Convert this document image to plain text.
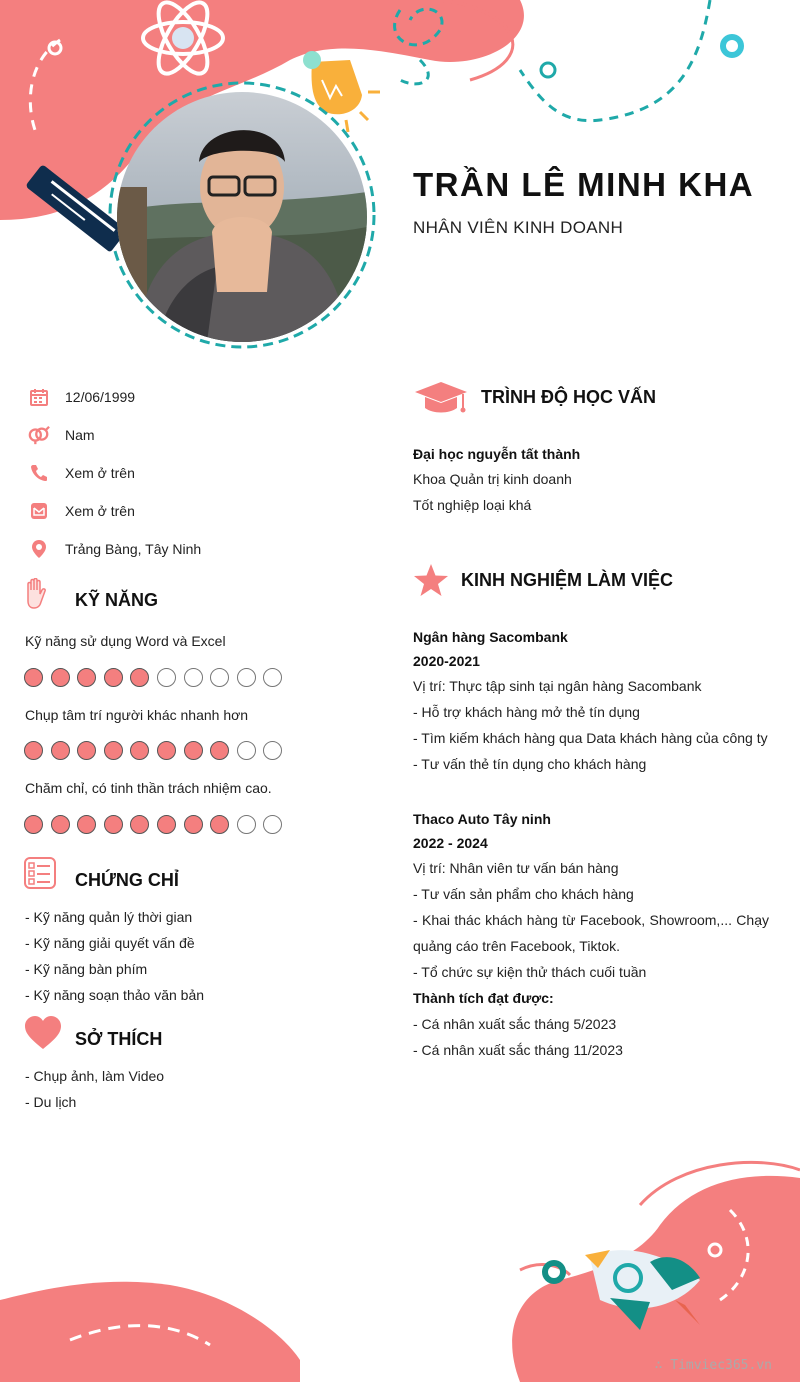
TRẦN LÊ MINH KHA
NHÂN VIÊN KINH DOANH
12/06/1999
Nam
Xem ở trên
Xem ở trên
Trảng Bàng, Tây Ninh
KỸ NĂNG
Kỹ năng sử dụng Word và Excel
Chụp tâm trí người khác nhanh hơn
Chăm chỉ, có tinh thần trách nhiệm cao.
CHỨNG CHỈ
- Kỹ năng quản lý thời gian
- Kỹ năng giải quyết vấn đề
- Kỹ năng bàn phím
- Kỹ năng soạn thảo văn bản
SỞ THÍCH
- Chụp ảnh, làm Video
- Du lịch
TRÌNH ĐỘ HỌC VẤN
Đại học nguyễn tất thành
Khoa Quản trị kinh doanh
Tốt nghiệp loại khá
KINH NGHIỆM LÀM VIỆC
Ngân hàng Sacombank
2020-2021
Vị trí: Thực tập sinh tại ngân hàng Sacombank
- Hỗ trợ khách hàng mở thẻ tín dụng
- Tìm kiếm khách hàng qua Data khách hàng của công ty
- Tư vấn thẻ tín dụng cho khách hàng
Thaco Auto Tây ninh
2022 - 2024
Vị trí: Nhân viên tư vấn bán hàng
- Tư vấn sản phẩm cho khách hàng
- Khai thác khách hàng từ Facebook, Showroom,... Chạy
quảng cáo trên Facebook, Tiktok.
- Tổ chức sự kiện thử thách cuối tuần
Thành tích đạt được:
- Cá nhân xuất sắc tháng 5/2023
- Cá nhân xuất sắc tháng 11/2023
∴ Timviec365.vn
